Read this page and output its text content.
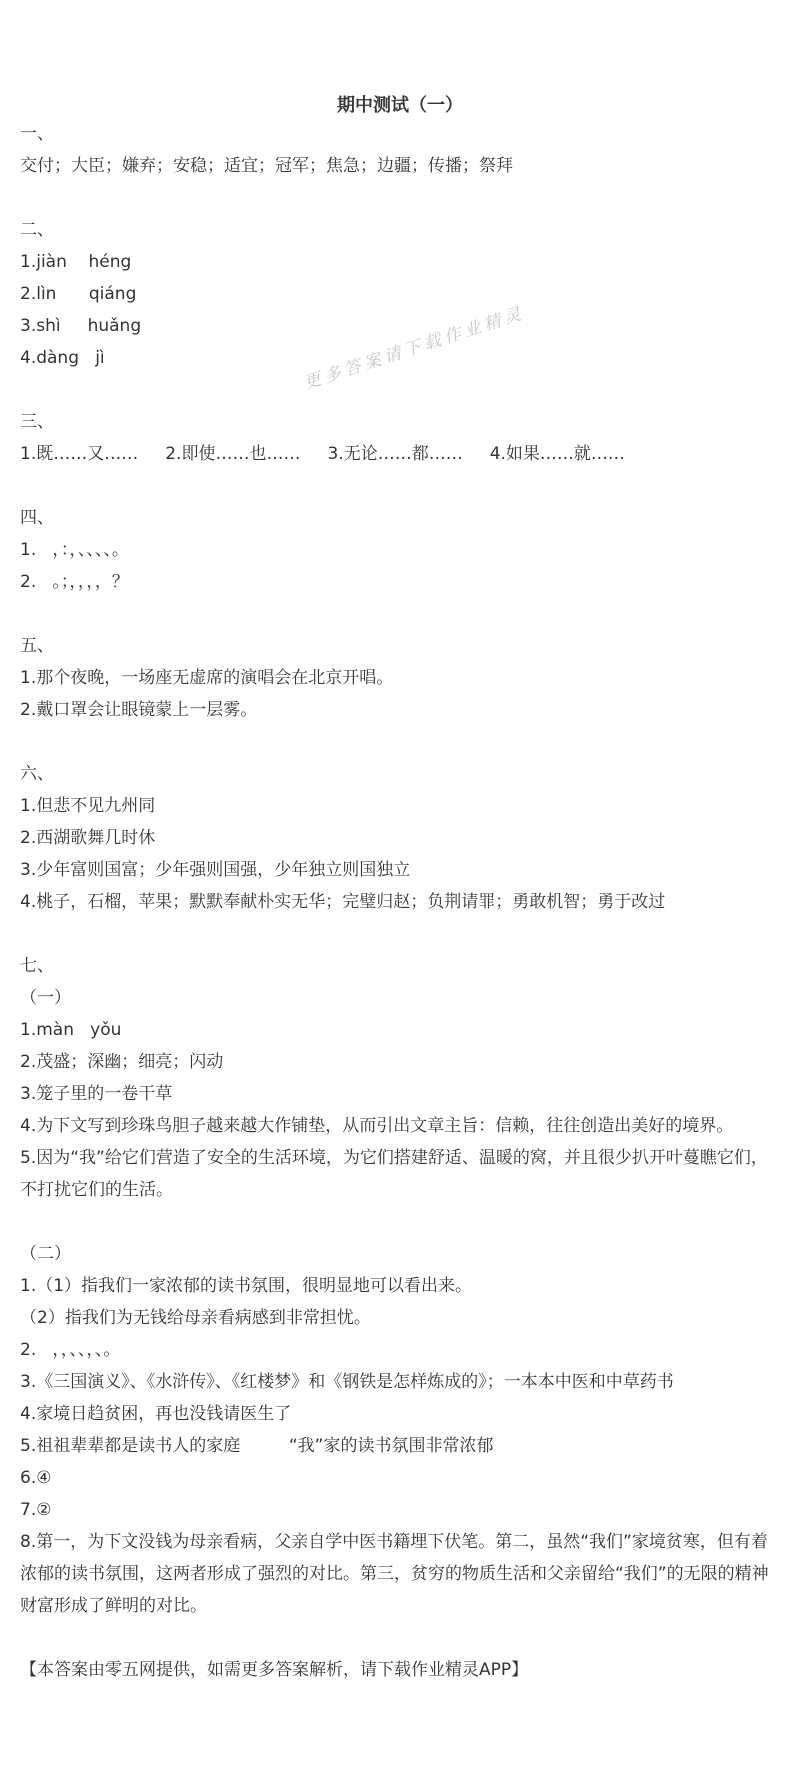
更多答案请下载作业精灵
期中测试（一）
一、
交付；大臣；嫌弃；安稳；适宜；冠军；焦急；边疆；传播；祭拜
二、
1.jiàn    héng
2.lìn      qiáng
3.shì     huǎng
4.dàng   jì
三、
1.既……又……     2.即使……也……     3.无论……都……     4.如果……就……
四、
1.   ，：，、、、、。
2.   。；，，，，？
五、
1.那个夜晚，一场座无虚席的演唱会在北京开唱。
2.戴口罩会让眼镜蒙上一层雾。
六、
1.但悲不见九州同
2.西湖歌舞几时休
3.少年富则国富；少年强则国强，少年独立则国独立
4.桃子，石榴，苹果；默默奉献朴实无华；完璧归赵；负荆请罪；勇敢机智；勇于改过
七、
（一）
1.màn   yǒu
2.茂盛；深幽；细亮；闪动
3.笼子里的一卷干草
4.为下文写到珍珠鸟胆子越来越大作铺垫，从而引出文章主旨：信赖，往往创造出美好的境界。
5.因为“我”给它们营造了安全的生活环境，为它们搭建舒适、温暖的窝，并且很少扒开叶蔓瞧它们，不打扰它们的生活。
（二）
1.（1）指我们一家浓郁的读书氛围，很明显地可以看出来。
（2）指我们为无钱给母亲看病感到非常担忧。
2.   ，，、、，、。
3.《三国演义》、《水浒传》、《红楼梦》和《钢铁是怎样炼成的》；一本本中医和中草药书
4.家境日趋贫困，再也没钱请医生了
5.祖祖辈辈都是读书人的家庭         “我”家的读书氛围非常浓郁
6.④
7.②
8.第一，为下文没钱为母亲看病，父亲自学中医书籍埋下伏笔。第二，虽然“我们”家境贫寒，但有着浓郁的读书氛围，这两者形成了强烈的对比。第三，贫穷的物质生活和父亲留给“我们”的无限的精神财富形成了鲜明的对比。
【本答案由零五网提供，如需更多答案解析，请下载作业精灵APP】
